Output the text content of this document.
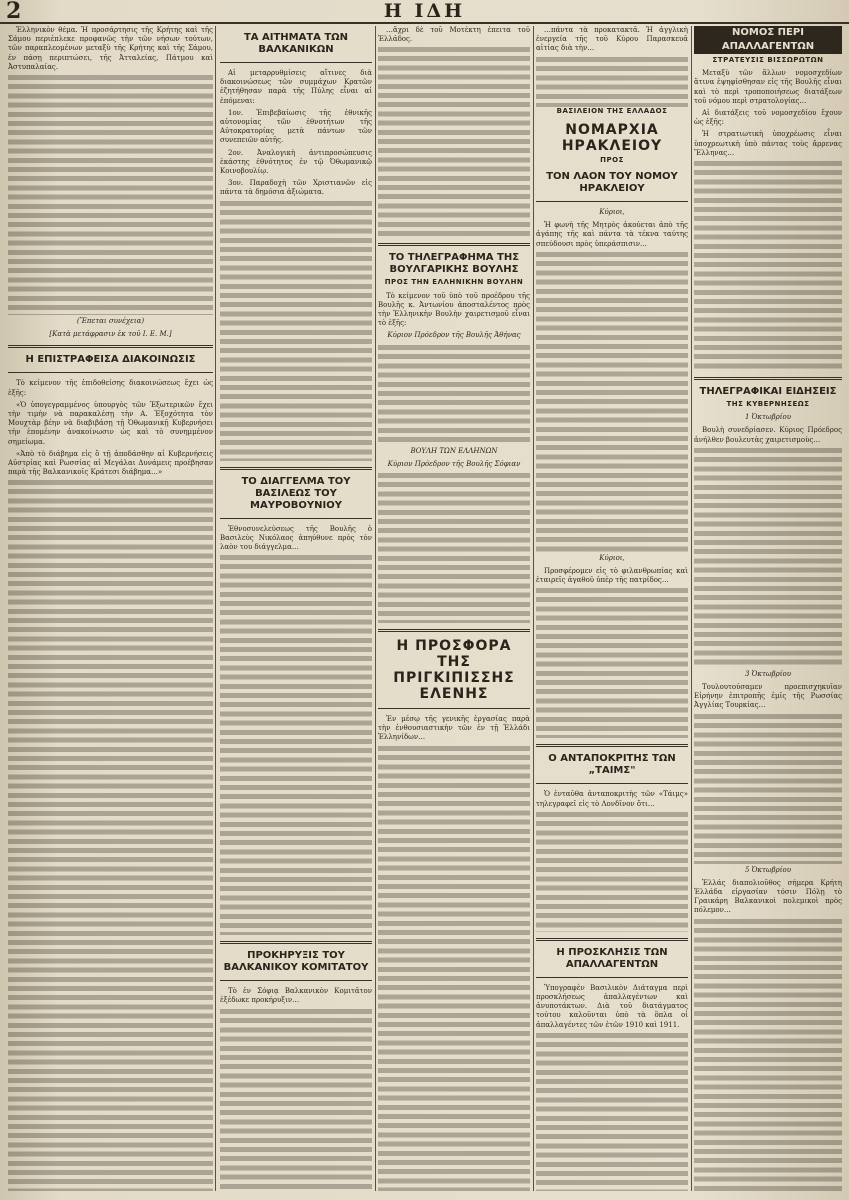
2	Η ΙΔΗ

Ἑλληνικὸν θέμα. Ἡ προσάρτησις τῆς Κρήτης καὶ τῆς Σάμου περιέπλεκε προφανῶς τὴν τῶν νήσων τούτων, τῶν παραπλεομένων μεταξὺ τῆς Κρήτης καὶ τῆς Σάμου, ἐν πάσῃ περιπτώσει, τῆς Ἀτταλείας, Πάτμου καὶ Ἀστυπαλαίας.

(Ἕπεται συνέχεια)
[Κατὰ μετάφρασιν ἐκ τοῦ Ι. Ε. Μ.]
Η ΕΠΙΣΤΡΑΦΕΙΣΑ ΔΙΑΚΟΙΝΩΣΙΣ

Τὸ κείμενον τῆς ἐπιδοθείσης διακοινώσεως ἔχει ὡς ἑξῆς:

«Ὁ ὑπογεγραμμένος ὑπουργὸς τῶν Ἐξωτερικῶν ἔχει τὴν τιμὴν νὰ παρακαλέσῃ τὴν Α. Ἐξοχότητα τὸν Μουχτὰρ βέην νὰ διαβιβάσῃ τῇ Ὀθωμανικῇ Κυβερνήσει τὴν ἐπομένην ἀνακοίνωσιν ὡς καὶ τὸ συνημμένον σημείωμα.

«Ἀπὸ τὸ διάβημα εἰς ὃ τῇ ἀποδάσθην αἱ Κυβερνήσεις Αὐστρίας καὶ Ρωσσίας αἱ Μεγάλαι Δυνάμεις προέβησαν παρὰ τῆς Βαλκανικοῖς Κράτεσι διάβημα…»

ΤΑ ΑΙΤΗΜΑΤΑ ΤΩΝ ΒΑΛΚΑΝΙΚΩΝ

Αἱ μεταρρυθμίσεις αἵτινες διὰ διακοινώσεως τῶν συμμάχων Κρατῶν ἐζητήθησαν παρὰ τῆς Πύλης εἶναι αἱ ἑπόμεναι:

1ον. Ἐπιβεβαίωσις τῆς ἐθνικῆς αὐτονομίας τῶν ἐθνοτήτων τῆς Αὐτοκρατορίας μετὰ πάντων τῶν συνεπειῶν αὐτῆς.

2ον. Ἀναλογικὴ ἀντιπροσώπευσις ἑκάστης ἐθνότητος ἐν τῷ Ὀθωμανικῷ Κοινοβουλίῳ.

3ον. Παραδοχὴ τῶν Χριστιανῶν εἰς πάντα τὰ δημόσια ἀξιώματα.

ΤΟ ΔΙΑΓΓΕΛΜΑ ΤΟΥ ΒΑΣΙΛΕΩΣ ΤΟΥ ΜΑΥΡΟΒΟΥΝΙΟΥ

Ἐθνοσυνελεύσεως τῆς Βουλῆς ὁ Βασιλεὺς Νικόλαος ἀπηύθυνε πρὸς τὸν λαὸν του διάγγελμα…

ΠΡΟΚΗΡΥΞΙΣ ΤΟΥ ΒΑΛΚΑΝΙΚΟΥ ΚΟΜΙΤΑΤΟΥ

Τὸ ἐν Σόφιᾳ Βαλκανικὸν Κομιτᾶτον ἐξέδωκε προκήρυξιν…

…ἄχρι δὲ τοῦ Μοτέκτη ἐπειτα τοῦ Ἐλλάδος.

ΤΟ ΤΗΛΕΓΡΑΦΗΜΑ ΤΗΣ ΒΟΥΛΓΑΡΙΚΗΣ ΒΟΥΛΗΣ
ΠΡΟΣ ΤΗΝ ΕΛΛΗΝΙΚΗΝ ΒΟΥΛΗΝ

Τὸ κείμενον τοῦ ὑπὸ τοῦ προέδρου τῆς Βουλῆς κ. Ἀντωνίου ἀποσταλέντος πρὸς τὴν Ἑλληνικὴν Βουλὴν χαιρετισμοῦ εἶναι τὸ ἑξῆς:

Κύριον Πρόεδρον τῆς Βουλῆς Ἀθήνας
ΒΟΥΛΗ ΤΩΝ ΕΛΛΗΝΩΝ
Κύριον Πρόεδρον τῆς Βουλῆς Σόφιαν
Η ΠΡΟΣΦΟΡΑ ΤΗΣ ΠΡΙΓΚΙΠΙΣΣΗΣ ΕΛΕΝΗΣ

Ἐν μέσῳ τῆς γενικῆς ἐργασίας παρὰ τὴν ἐνθουσιαστικὴν τῶν ἐν τῇ Ἑλλάδι Ἑλληνίδων…

…πάντα τὰ προκατακτᾶ. Ἡ ἀγγλικὴ ἐνεργεία τῆς τοῦ Κύρου Παρασκευᾶ αἰτίας διὰ τὴν…

ΒΑΣΙΛΕΙΟΝ ΤΗΣ ΕΛΛΑΔΟΣ
ΝΟΜΑΡΧΙΑ ΗΡΑΚΛΕΙΟΥ
ΠΡΟΣ
ΤΟΝ ΛΑΟΝ ΤΟΥ ΝΟΜΟΥ ΗΡΑΚΛΕΙΟΥ
Κύριοι,

Ἡ φωνὴ τῆς Μητρὸς ἀκούεται ἀπὸ τῆς ἀγάπης τῆς καὶ πάντα τὰ τέκνα ταύτης σπεύδουσι πρὸς ὑπεράσπισιν…

Κύριοι,

Προσφέρομεν εἰς τὸ φιλανθρωπίας καὶ ἑταιρεῖς ἀγαθοῦ ὑπὲρ τῆς πατρίδος…

Ο ΑΝΤΑΠΟΚΡΙΤΗΣ ΤΩΝ „ΤΑΙΜΣ"

Ὁ ἐνταῦθα ἀνταποκριτὴς τῶν «Τάιμς» τηλεγραφεῖ εἰς τὸ Λονδῖνον ὅτι…

Η ΠΡΟΣΚΛΗΣΙΣ ΤΩΝ ΑΠΑΛΛΑΓΕΝΤΩΝ

Ὑπογραφὲν Βασιλικὸν Διάταγμα περὶ προσκλήσεως ἀπαλλαγέντων καὶ ἀνυποτάκτων. Διὰ τοῦ διατάγματος τούτου καλοῦνται ὑπὸ τὰ ὅπλα οἱ ἀπαλλαγέντες τῶν ἐτῶν 1910 καὶ 1911.

ΝΟΜΟΣ ΠΕΡΙ ΑΠΑΛΛΑΓΕΝΤΩΝ
ΣΤΡΑΤΕΥΣΙΣ ΒΙΣΣΩΡΩΤΩΝ

Μεταξὺ τῶν ἄλλων νομοσχεδίων ἅτινα ἐψηφίσθησαν εἰς τῆς Βουλῆς εἶναι καὶ τὸ περὶ τροποποιήσεως διατάξεων τοῦ νόμου περὶ στρατολογίας…

Αἱ διατάξεις τοῦ νομοσχεδίου ἔχουν ὡς ἑξῆς:

Ἡ στρατιωτικὴ ὑποχρέωσις εἶναι ὑποχρεωτικὴ ὑπὸ πάντας τοὺς ἄρρενας Ἕλληνας…

ΤΗΛΕΓΡΑΦΙΚΑΙ ΕΙΔΗΣΕΙΣ
ΤΗΣ ΚΥΒΕΡΝΗΣΕΩΣ
1 Ὀκτωβρίου

Βουλὴ συνεδρίασεν. Κύριος Πρόεδρος ἀνήλθεν βουλευτὰς χαιρετισμοὺς…

3 Ὀκτωβρίου

Τουλουτούσαμεν προεπισχηκυῖαν Εἰρήνην ἐπιτροπῆς ἐμῖς τῆς Ρωσσίας Ἀγγλίας Τουρκίας…

5 Ὀκτωβρίου

Ἐλλάς διαπολιοῦθος σήμερα Κρήτη Ἑλλάδα εἰργασίαν τόσιν Πόλῃ τὸ Γραικάρη Βαλκανικοὶ πολεμικοὶ πρὸς πόλεμον…
